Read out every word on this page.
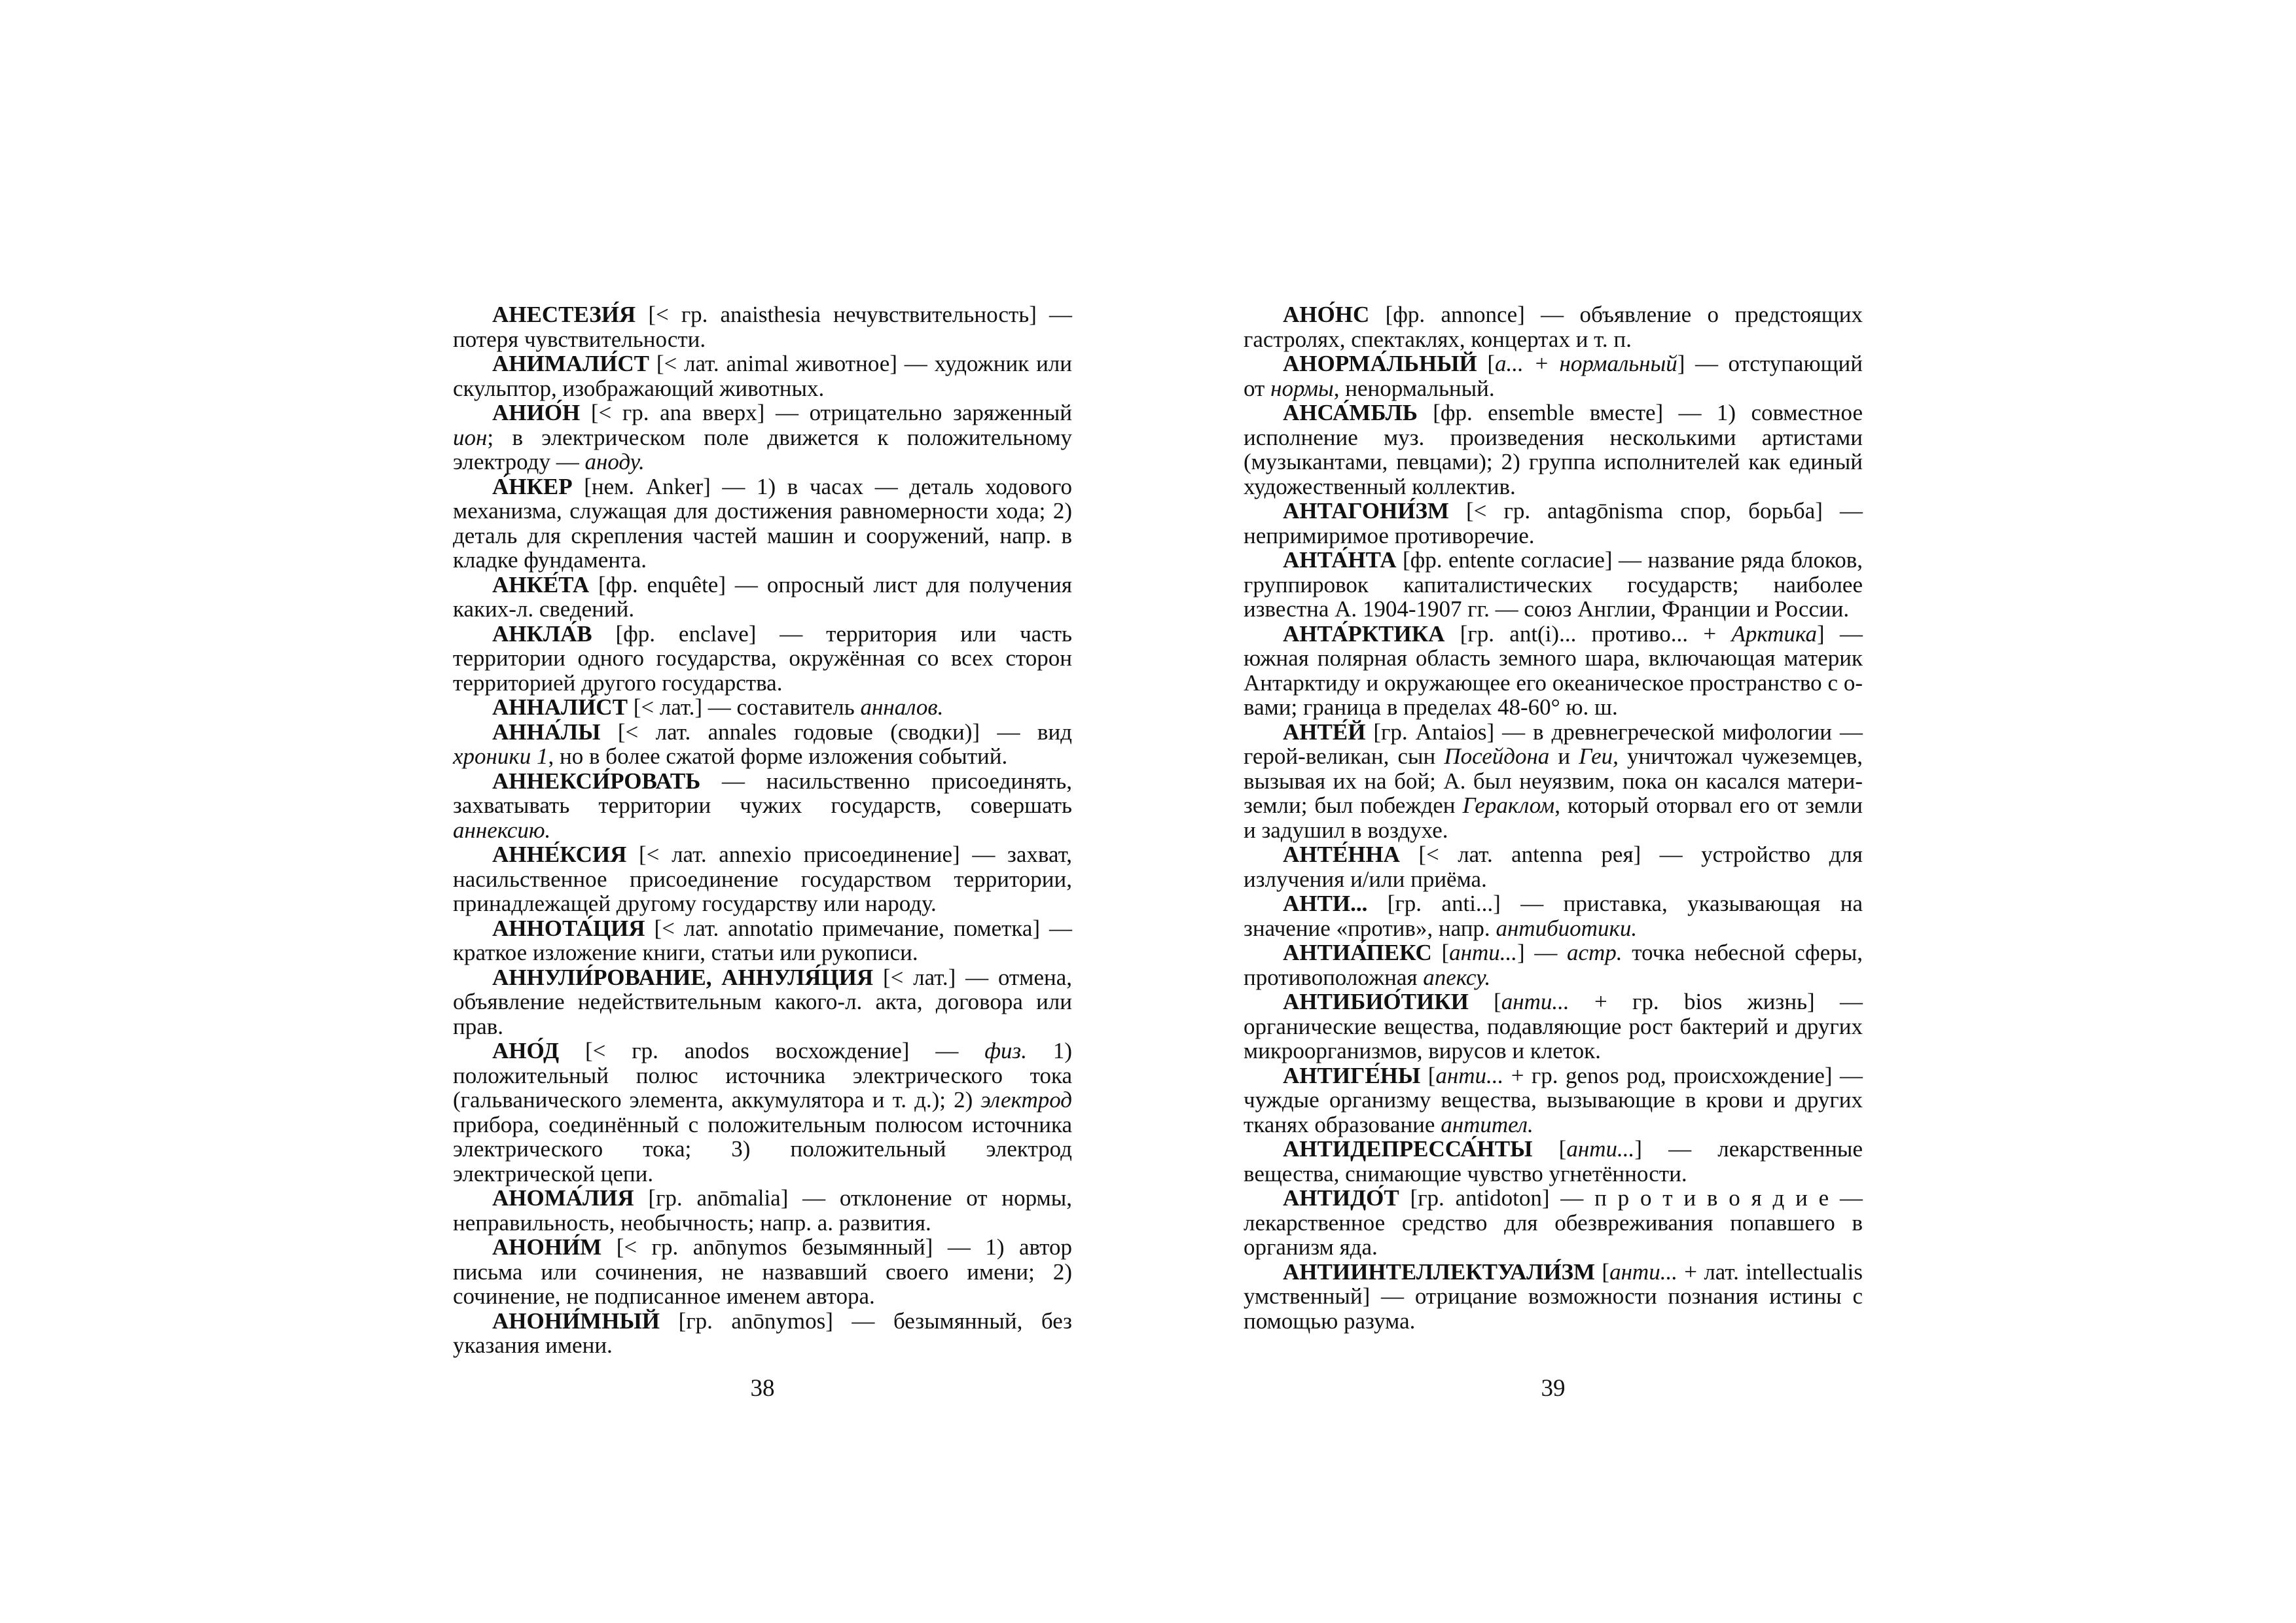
АНЕСТЕЗИ́Я [< гр. anaisthesia нечувствительность] — потеря чувствительности.

АНИМАЛИ́СТ [< лат. animal животное] — художник или скульптор, изображающий животных.

АНИО́Н [< гр. ana вверх] — отрицательно заряженный ион; в электрическом поле движется к положительному электроду — аноду.

А́НКЕР [нем. Anker] — 1) в часах — деталь ходового механизма, служащая для достижения равномерности хода; 2) деталь для скрепления частей машин и сооружений, напр. в кладке фундамента.

АНКЕ́ТА [фр. enquête] — опросный лист для получения каких-л. сведений.

АНКЛА́В [фр. enclave] — территория или часть территории одного государства, окружённая со всех сторон территорией другого государства.

АННАЛИ́СТ [< лат.] — составитель анналов.

АННА́ЛЫ [< лат. annales годовые (сводки)] — вид хроники 1, но в более сжатой форме изложения событий.

АННЕКСИ́РОВАТЬ — насильственно присоединять, захватывать территории чужих государств, совершать аннексию.

АННЕ́КСИЯ [< лат. annexio присоединение] — захват, насильственное присоединение государством территории, принадлежащей другому государству или народу.

АННОТА́ЦИЯ [< лат. annotatio примечание, пометка] — краткое изложение книги, статьи или рукописи.

АННУЛИ́РОВАНИЕ, АННУЛЯ́ЦИЯ [< лат.] — отмена, объявление недействительным какого-л. акта, договора или прав.

АНО́Д [< гр. anodos восхождение] — физ. 1) положительный полюс источника электрического тока (гальванического элемента, аккумулятора и т. д.); 2) электрод прибора, соединённый с положительным полюсом источника электрического тока; 3) положительный электрод электрической цепи.

АНОМА́ЛИЯ [гр. anōmalia] — отклонение от нормы, неправильность, необычность; напр. а. развития.

АНОНИ́М [< гр. anōnymos безымянный] — 1) автор письма или сочинения, не назвавший своего имени; 2) сочинение, не подписанное именем автора.

АНОНИ́МНЫЙ [гр. anōnymos] — безымянный, без указания имени.

АНО́НС [фр. annonce] — объявление о предстоящих гастролях, спектаклях, концертах и т. п.

АНОРМА́ЛЬНЫЙ [а... + нормальный] — отступающий от нормы, ненормальный.

АНСА́МБЛЬ [фр. ensemble вместе] — 1) совместное исполнение муз. произведения несколькими артистами (музыкантами, певцами); 2) группа исполнителей как единый художественный коллектив.

АНТАГОНИ́ЗМ [< гр. antagōnisma спор, борьба] — непримиримое противоречие.

АНТА́НТА [фр. entente согласие] — название ряда блоков, группировок капиталистических государств; наиболее известна А. 1904-1907 гг. — союз Англии, Франции и России.

АНТА́РКТИКА [гр. ant(i)... противо... + Арктика] — южная полярная область земного шара, включающая материк Антарктиду и окружающее его океаническое пространство с о-вами; граница в пределах 48-60° ю. ш.

АНТЕ́Й [гр. Antaios] — в древнегреческой мифологии — герой-великан, сын Посейдона и Геи, уничтожал чужеземцев, вызывая их на бой; А. был неуязвим, пока он касался матери-земли; был побежден Гераклом, который оторвал его от земли и задушил в воздухе.

АНТЕ́ННА [< лат. antenna рея] — устройство для излучения и/или приёма.

АНТИ... [гр. anti...] — приставка, указывающая на значение «против», напр. антибиотики.

АНТИА́ПЕКС [анти...] — астр. точка небесной сферы, противоположная апексу.

АНТИБИО́ТИКИ [анти... + гр. bios жизнь] — органические вещества, подавляющие рост бактерий и других микроорганизмов, вирусов и клеток.

АНТИГЕ́НЫ [анти... + гр. genos род, происхождение] — чуждые организму вещества, вызывающие в крови и других тканях образование антител.

АНТИДЕПРЕССА́НТЫ [анти...] — лекарственные вещества, снимающие чувство угнетённости.

АНТИДО́Т [гр. antidoton] — п р о т и в о я д и е — лекарственное средство для обезвреживания попавшего в организм яда.

АНТИИНТЕЛЛЕКТУАЛИ́ЗМ [анти... + лат. intellectualis умственный] — отрицание возможности познания истины с помощью разума.

38	39
